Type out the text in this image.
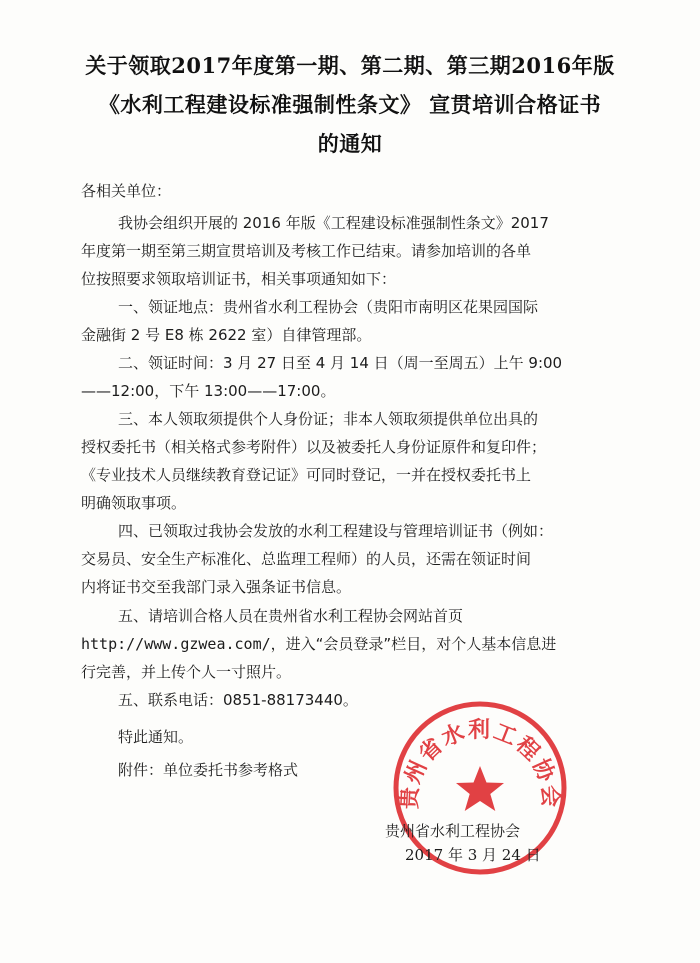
关于领取2017年度第一期、第二期、第三期2016年版
《水利工程建设标准强制性条文》 宣贯培训合格证书
的通知
各相关单位：
我协会组织开展的 2016 年版《工程建设标准强制性条文》2017
年度第一期至第三期宣贯培训及考核工作已结束。请参加培训的各单
位按照要求领取培训证书，相关事项通知如下：
一、领证地点：贵州省水利工程协会（贵阳市南明区花果园国际
金融街 2 号 E8 栋 2622 室）自律管理部。
二、领证时间：3 月 27 日至 4 月 14 日（周一至周五）上午 9:00
——12:00，下午 13:00——17:00。
三、本人领取须提供个人身份证；非本人领取须提供单位出具的
授权委托书（相关格式参考附件）以及被委托人身份证原件和复印件；
《专业技术人员继续教育登记证》可同时登记，一并在授权委托书上
明确领取事项。
四、已领取过我协会发放的水利工程建设与管理培训证书（例如：
交易员、安全生产标准化、总监理工程师）的人员，还需在领证时间
内将证书交至我部门录入强条证书信息。
五、请培训合格人员在贵州省水利工程协会网站首页
http://www.gzwea.com/，进入“会员登录”栏目，对个人基本信息进
行完善，并上传个人一寸照片。
五、联系电话：0851-88173440。
特此通知。
附件：单位委托书参考格式
贵州省水利工程协会
贵州省水利工程协会
2017 年 3 月 24 日
